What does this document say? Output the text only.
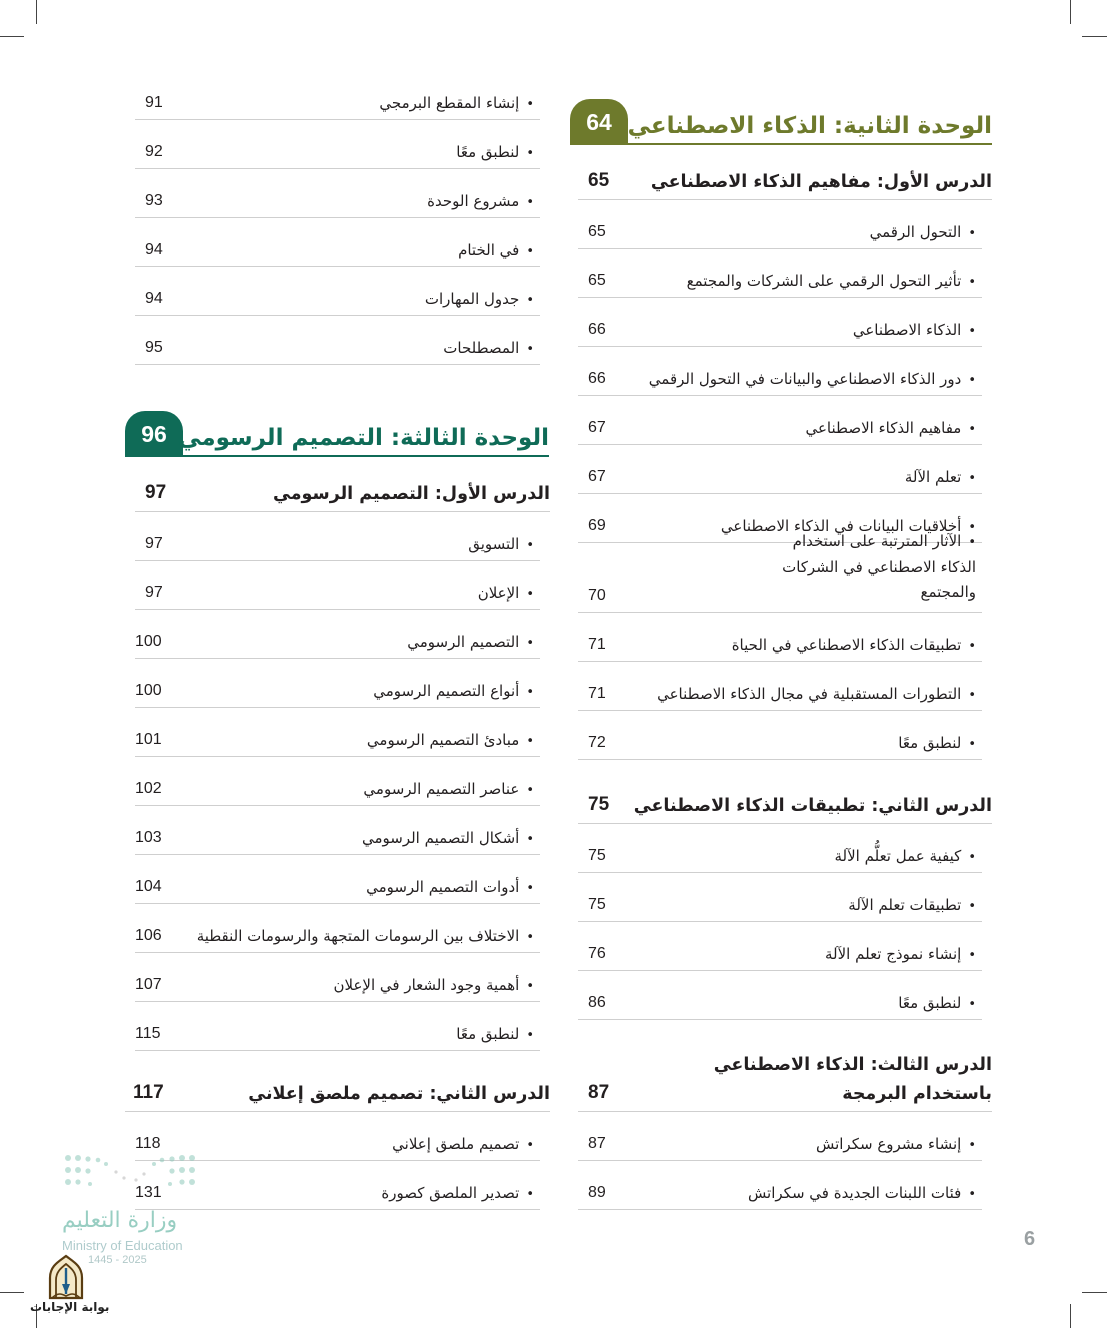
64 الوحدة الثانية: الذكاء الاصطناعي
الدرس الأول: مفاهيم الذكاء الاصطناعي
65
• التحول الرقمي
65
• تأثير التحول الرقمي على الشركات والمجتمع
65
• الذكاء الاصطناعي
66
• دور الذكاء الاصطناعي والبيانات في التحول الرقمي
66
• مفاهيم الذكاء الاصطناعي
67
• تعلم الآلة
67
• أخلاقيات البيانات في الذكاء الاصطناعي
69
• الآثار المترتبة على استخدام الذكاء الاصطناعي في الشركات والمجتمع
70
• تطبيقات الذكاء الاصطناعي في الحياة
71
• التطورات المستقبلية في مجال الذكاء الاصطناعي
71
• لنطبق معًا
72
الدرس الثاني: تطبيقات الذكاء الاصطناعي
75
• كيفية عمل تعلُّم الآلة
75
• تطبيقات تعلم الآلة
75
• إنشاء نموذج تعلم الآلة
76
• لنطبق معًا
86
الدرس الثالث: الذكاء الاصطناعي
باستخدام البرمجة
87
• إنشاء مشروع سكراتش
87
• فئات اللبنات الجديدة في سكراتش
89
• إنشاء المقطع البرمجي
91
• لنطبق معًا
92
• مشروع الوحدة
93
• في الختام
94
• جدول المهارات
94
• المصطلحات
95
96 الوحدة الثالثة: التصميم الرسومي
الدرس الأول: التصميم الرسومي
97
• التسويق
97
• الإعلان
97
• التصميم الرسومي
100
• أنواع التصميم الرسومي
100
• مبادئ التصميم الرسومي
101
• عناصر التصميم الرسومي
102
• أشكال التصميم الرسومي
103
• أدوات التصميم الرسومي
104
• الاختلاف بين الرسومات المتجهة والرسومات النقطية
106
• أهمية وجود الشعار في الإعلان
107
• لنطبق معًا
115
الدرس الثاني: تصميم ملصق إعلاني
117
• تصميم ملصق إعلاني
118
• تصدير الملصق كصورة
131
6
وزارة التعليم
Ministry of Education
1445 - 2025
بوابة الإجابات
